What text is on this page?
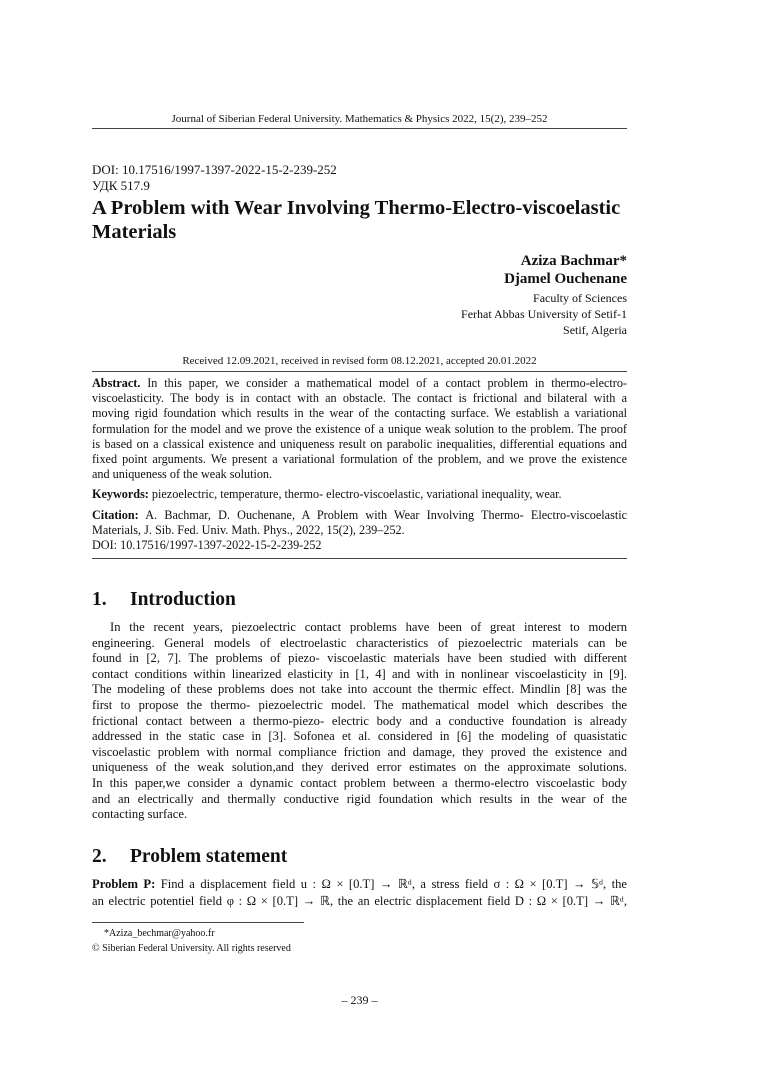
Journal of Siberian Federal University. Mathematics & Physics 2022, 15(2), 239–252
DOI: 10.17516/1997-1397-2022-15-2-239-252
УДК 517.9
A Problem with Wear Involving Thermo-Electro-viscoelastic
Materials
Aziza Bachmar*
Djamel Ouchenane
Faculty of Sciences
Ferhat Abbas University of Setif-1
Setif, Algeria
Received 12.09.2021, received in revised form 08.12.2021, accepted 20.01.2022
Abstract. In this paper, we consider a mathematical model of a contact problem in thermo-electro-
viscoelasticity. The body is in contact with an obstacle. The contact is frictional and bilateral with a
moving rigid foundation which results in the wear of the contacting surface. We establish a variational
formulation for the model and we prove the existence of a unique weak solution to the problem. The proof
is based on a classical existence and uniqueness result on parabolic inequalities, differential equations and
fixed point arguments. We present a variational formulation of the problem, and we prove the existence
and uniqueness of the weak solution.
Keywords: piezoelectric, temperature, thermo- electro-viscoelastic, variational inequality, wear.
Citation: A. Bachmar, D. Ouchenane, A Problem with Wear Involving Thermo- Electro-viscoelastic
Materials, J. Sib. Fed. Univ. Math. Phys., 2022, 15(2), 239–252.
DOI: 10.17516/1997-1397-2022-15-2-239-252
1. Introduction
In the recent years, piezoelectric contact problems have been of great interest to modern
engineering. General models of electroelastic characteristics of piezoelectric materials can be
found in [2, 7]. The problems of piezo- viscoelastic materials have been studied with different
contact conditions within linearized elasticity in [1, 4] and with in nonlinear viscoelasticity in [9].
The modeling of these problems does not take into account the thermic effect. Mindlin [8] was the
first to propose the thermo- piezoelectric model. The mathematical model which describes the
frictional contact between a thermo-piezo- electric body and a conductive foundation is already
addressed in the static case in [3]. Sofonea et al. considered in [6] the modeling of quasistatic
viscoelastic problem with normal compliance friction and damage, they proved the existence and
uniqueness of the weak solution,and they derived error estimates on the approximate solutions.
In this paper,we consider a dynamic contact problem between a thermo-electro viscoelastic body
and an electrically and thermally conductive rigid foundation which results in the wear of the
contacting surface.
2. Problem statement
Problem P: Find a displacement field u : Ω × [0.T] → ℝᵈ, a stress field σ : Ω × [0.T] → 𝕊ᵈ, the
an electric potentiel field φ : Ω × [0.T] → ℝ, the an electric displacement field D : Ω × [0.T] → ℝᵈ,
*Aziza_bechmar@yahoo.fr
© Siberian Federal University. All rights reserved
– 239 –
